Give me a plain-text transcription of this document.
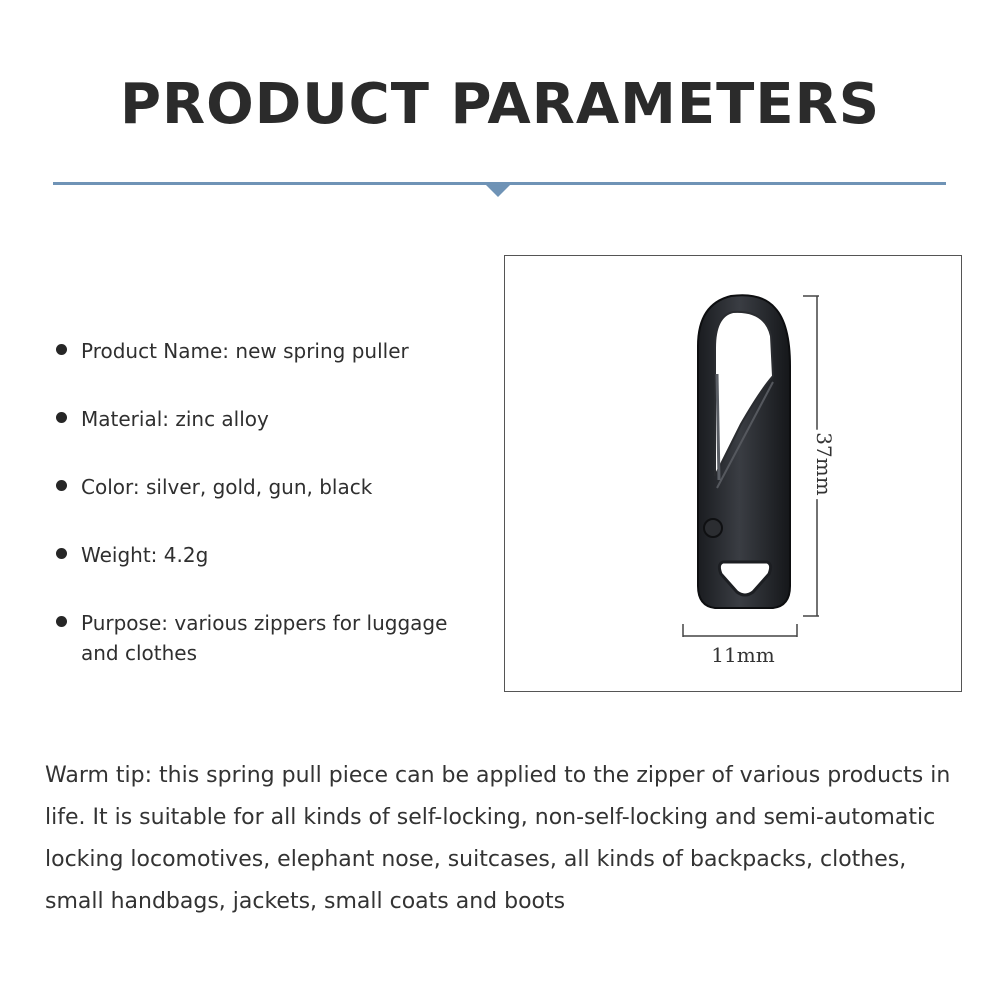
PRODUCT PARAMETERS
Product Name: new spring puller
Material: zinc alloy
Color: silver, gold, gun, black
Weight: 4.2g
Purpose: various zippers for luggage and clothes
37mm
11mm
Warm tip: this spring pull piece can be applied to the zipper of various products in life. It is suitable for all kinds of self-locking, non-self-locking and semi-automatic locking locomotives, elephant nose, suitcases, all kinds of backpacks, clothes, small handbags, jackets, small coats and boots
